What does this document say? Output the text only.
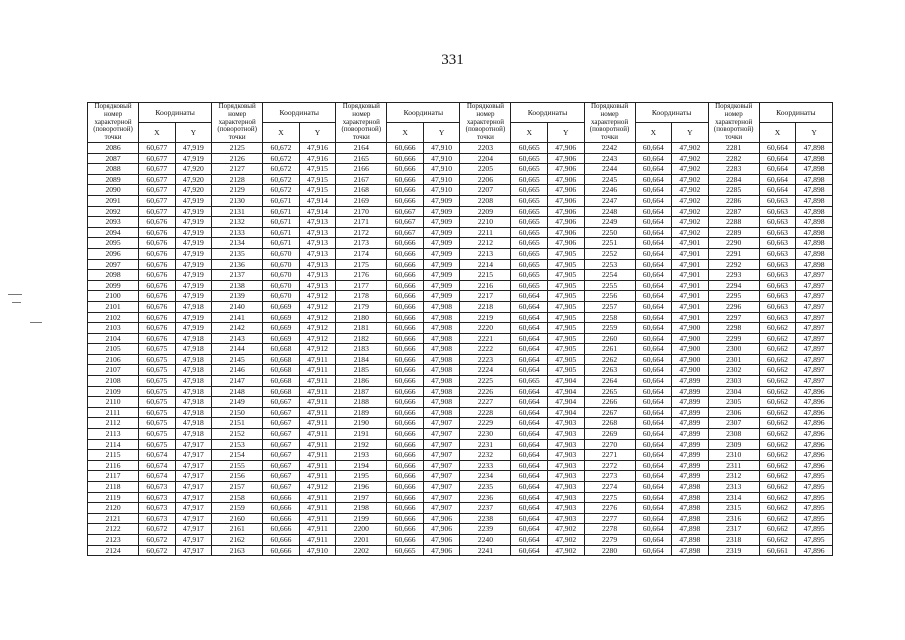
331
Порядковый номер характерной (поворотной) точки	Координаты		Порядковый номер характерной (поворотной) точки	Координаты		Порядковый номер характерной (поворотной) точки	Координаты		Порядковый номер характерной (поворотной) точки	Координаты		Порядковый номер характерной (поворотной) точки	Координаты		Порядковый номер характерной (поворотной) точки	Координаты	
	X	Y		X	Y		X	Y		X	Y		X	Y		X	Y
2086	60,677	47,919	2125	60,672	47,916	2164	60,666	47,910	2203	60,665	47,906	2242	60,664	47,902	2281	60,664	47,898
2087	60,677	47,919	2126	60,672	47,916	2165	60,666	47,910	2204	60,665	47,906	2243	60,664	47,902	2282	60,664	47,898
2088	60,677	47,920	2127	60,672	47,915	2166	60,666	47,910	2205	60,665	47,906	2244	60,664	47,902	2283	60,664	47,898
2089	60,677	47,920	2128	60,672	47,915	2167	60,666	47,910	2206	60,665	47,906	2245	60,664	47,902	2284	60,664	47,898
2090	60,677	47,920	2129	60,672	47,915	2168	60,666	47,910	2207	60,665	47,906	2246	60,664	47,902	2285	60,664	47,898
2091	60,677	47,919	2130	60,671	47,914	2169	60,666	47,909	2208	60,665	47,906	2247	60,664	47,902	2286	60,663	47,898
2092	60,677	47,919	2131	60,671	47,914	2170	60,667	47,909	2209	60,665	47,906	2248	60,664	47,902	2287	60,663	47,898
2093	60,676	47,919	2132	60,671	47,913	2171	60,667	47,909	2210	60,665	47,906	2249	60,664	47,902	2288	60,663	47,898
2094	60,676	47,919	2133	60,671	47,913	2172	60,667	47,909	2211	60,665	47,906	2250	60,664	47,902	2289	60,663	47,898
2095	60,676	47,919	2134	60,671	47,913	2173	60,666	47,909	2212	60,665	47,906	2251	60,664	47,901	2290	60,663	47,898
2096	60,676	47,919	2135	60,670	47,913	2174	60,666	47,909	2213	60,665	47,905	2252	60,664	47,901	2291	60,663	47,898
2097	60,676	47,919	2136	60,670	47,913	2175	60,666	47,909	2214	60,665	47,905	2253	60,664	47,901	2292	60,663	47,898
2098	60,676	47,919	2137	60,670	47,913	2176	60,666	47,909	2215	60,665	47,905	2254	60,664	47,901	2293	60,663	47,897
2099	60,676	47,919	2138	60,670	47,913	2177	60,666	47,909	2216	60,665	47,905	2255	60,664	47,901	2294	60,663	47,897
2100	60,676	47,919	2139	60,670	47,912	2178	60,666	47,909	2217	60,664	47,905	2256	60,664	47,901	2295	60,663	47,897
2101	60,676	47,918	2140	60,669	47,912	2179	60,666	47,908	2218	60,664	47,905	2257	60,664	47,901	2296	60,663	47,897
2102	60,676	47,919	2141	60,669	47,912	2180	60,666	47,908	2219	60,664	47,905	2258	60,664	47,901	2297	60,663	47,897
2103	60,676	47,919	2142	60,669	47,912	2181	60,666	47,908	2220	60,664	47,905	2259	60,664	47,900	2298	60,662	47,897
2104	60,676	47,918	2143	60,669	47,912	2182	60,666	47,908	2221	60,664	47,905	2260	60,664	47,900	2299	60,662	47,897
2105	60,675	47,918	2144	60,668	47,912	2183	60,666	47,908	2222	60,664	47,905	2261	60,664	47,900	2300	60,662	47,897
2106	60,675	47,918	2145	60,668	47,911	2184	60,666	47,908	2223	60,664	47,905	2262	60,664	47,900	2301	60,662	47,897
2107	60,675	47,918	2146	60,668	47,911	2185	60,666	47,908	2224	60,664	47,905	2263	60,664	47,900	2302	60,662	47,897
2108	60,675	47,918	2147	60,668	47,911	2186	60,666	47,908	2225	60,665	47,904	2264	60,664	47,899	2303	60,662	47,897
2109	60,675	47,918	2148	60,668	47,911	2187	60,666	47,908	2226	60,664	47,904	2265	60,664	47,899	2304	60,662	47,896
2110	60,675	47,918	2149	60,667	47,911	2188	60,666	47,908	2227	60,664	47,904	2266	60,664	47,899	2305	60,662	47,896
2111	60,675	47,918	2150	60,667	47,911	2189	60,666	47,908	2228	60,664	47,904	2267	60,664	47,899	2306	60,662	47,896
2112	60,675	47,918	2151	60,667	47,911	2190	60,666	47,907	2229	60,664	47,903	2268	60,664	47,899	2307	60,662	47,896
2113	60,675	47,918	2152	60,667	47,911	2191	60,666	47,907	2230	60,664	47,903	2269	60,664	47,899	2308	60,662	47,896
2114	60,675	47,917	2153	60,667	47,911	2192	60,666	47,907	2231	60,664	47,903	2270	60,664	47,899	2309	60,662	47,896
2115	60,674	47,917	2154	60,667	47,911	2193	60,666	47,907	2232	60,664	47,903	2271	60,664	47,899	2310	60,662	47,896
2116	60,674	47,917	2155	60,667	47,911	2194	60,666	47,907	2233	60,664	47,903	2272	60,664	47,899	2311	60,662	47,896
2117	60,674	47,917	2156	60,667	47,911	2195	60,666	47,907	2234	60,664	47,903	2273	60,664	47,899	2312	60,662	47,895
2118	60,673	47,917	2157	60,667	47,912	2196	60,666	47,907	2235	60,664	47,903	2274	60,664	47,898	2313	60,662	47,895
2119	60,673	47,917	2158	60,666	47,911	2197	60,666	47,907	2236	60,664	47,903	2275	60,664	47,898	2314	60,662	47,895
2120	60,673	47,917	2159	60,666	47,911	2198	60,666	47,907	2237	60,664	47,903	2276	60,664	47,898	2315	60,662	47,895
2121	60,673	47,917	2160	60,666	47,911	2199	60,666	47,906	2238	60,664	47,903	2277	60,664	47,898	2316	60,662	47,895
2122	60,672	47,917	2161	60,666	47,911	2200	60,666	47,906	2239	60,664	47,902	2278	60,664	47,898	2317	60,662	47,895
2123	60,672	47,917	2162	60,666	47,911	2201	60,666	47,906	2240	60,664	47,902	2279	60,664	47,898	2318	60,662	47,895
2124	60,672	47,917	2163	60,666	47,910	2202	60,665	47,906	2241	60,664	47,902	2280	60,664	47,898	2319	60,661	47,896
